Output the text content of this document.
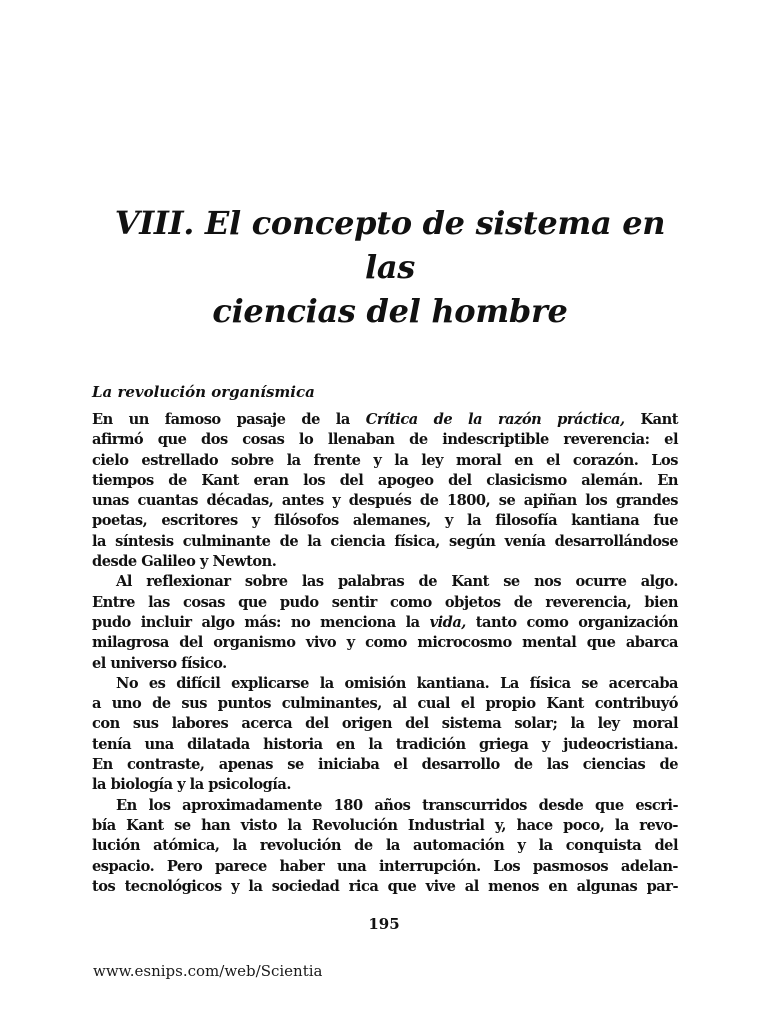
VIII. El concepto de sistema en las
ciencias del hombre
La revolución organísmica
En un famoso pasaje de la Crítica de la razón práctica, Kant
afirmó que dos cosas lo llenaban de indescriptible reverencia: el
cielo estrellado sobre la frente y la ley moral en el corazón. Los
tiempos de Kant eran los del apogeo del clasicismo alemán. En
unas cuantas décadas, antes y después de 1800, se apiñan los grandes
poetas, escritores y filósofos alemanes, y la filosofía kantiana fue
la síntesis culminante de la ciencia física, según venía desarrollándose
desde Galileo y Newton.
Al reflexionar sobre las palabras de Kant se nos ocurre algo.
Entre las cosas que pudo sentir como objetos de reverencia, bien
pudo incluir algo más: no menciona la vida, tanto como organización
milagrosa del organismo vivo y como microcosmo mental que abarca
el universo físico.
No es difícil explicarse la omisión kantiana. La física se acercaba
a uno de sus puntos culminantes, al cual el propio Kant contribuyó
con sus labores acerca del origen del sistema solar; la ley moral
tenía una dilatada historia en la tradición griega y judeocristiana.
En contraste, apenas se iniciaba el desarrollo de las ciencias de
la biología y la psicología.
En los aproximadamente 180 años transcurridos desde que escri-
bía Kant se han visto la Revolución Industrial y, hace poco, la revo-
lución atómica, la revolución de la automación y la conquista del
espacio. Pero parece haber una interrupción. Los pasmosos adelan-
tos tecnológicos y la sociedad rica que vive al menos en algunas par-
195
www.esnips.com/web/Scientia
